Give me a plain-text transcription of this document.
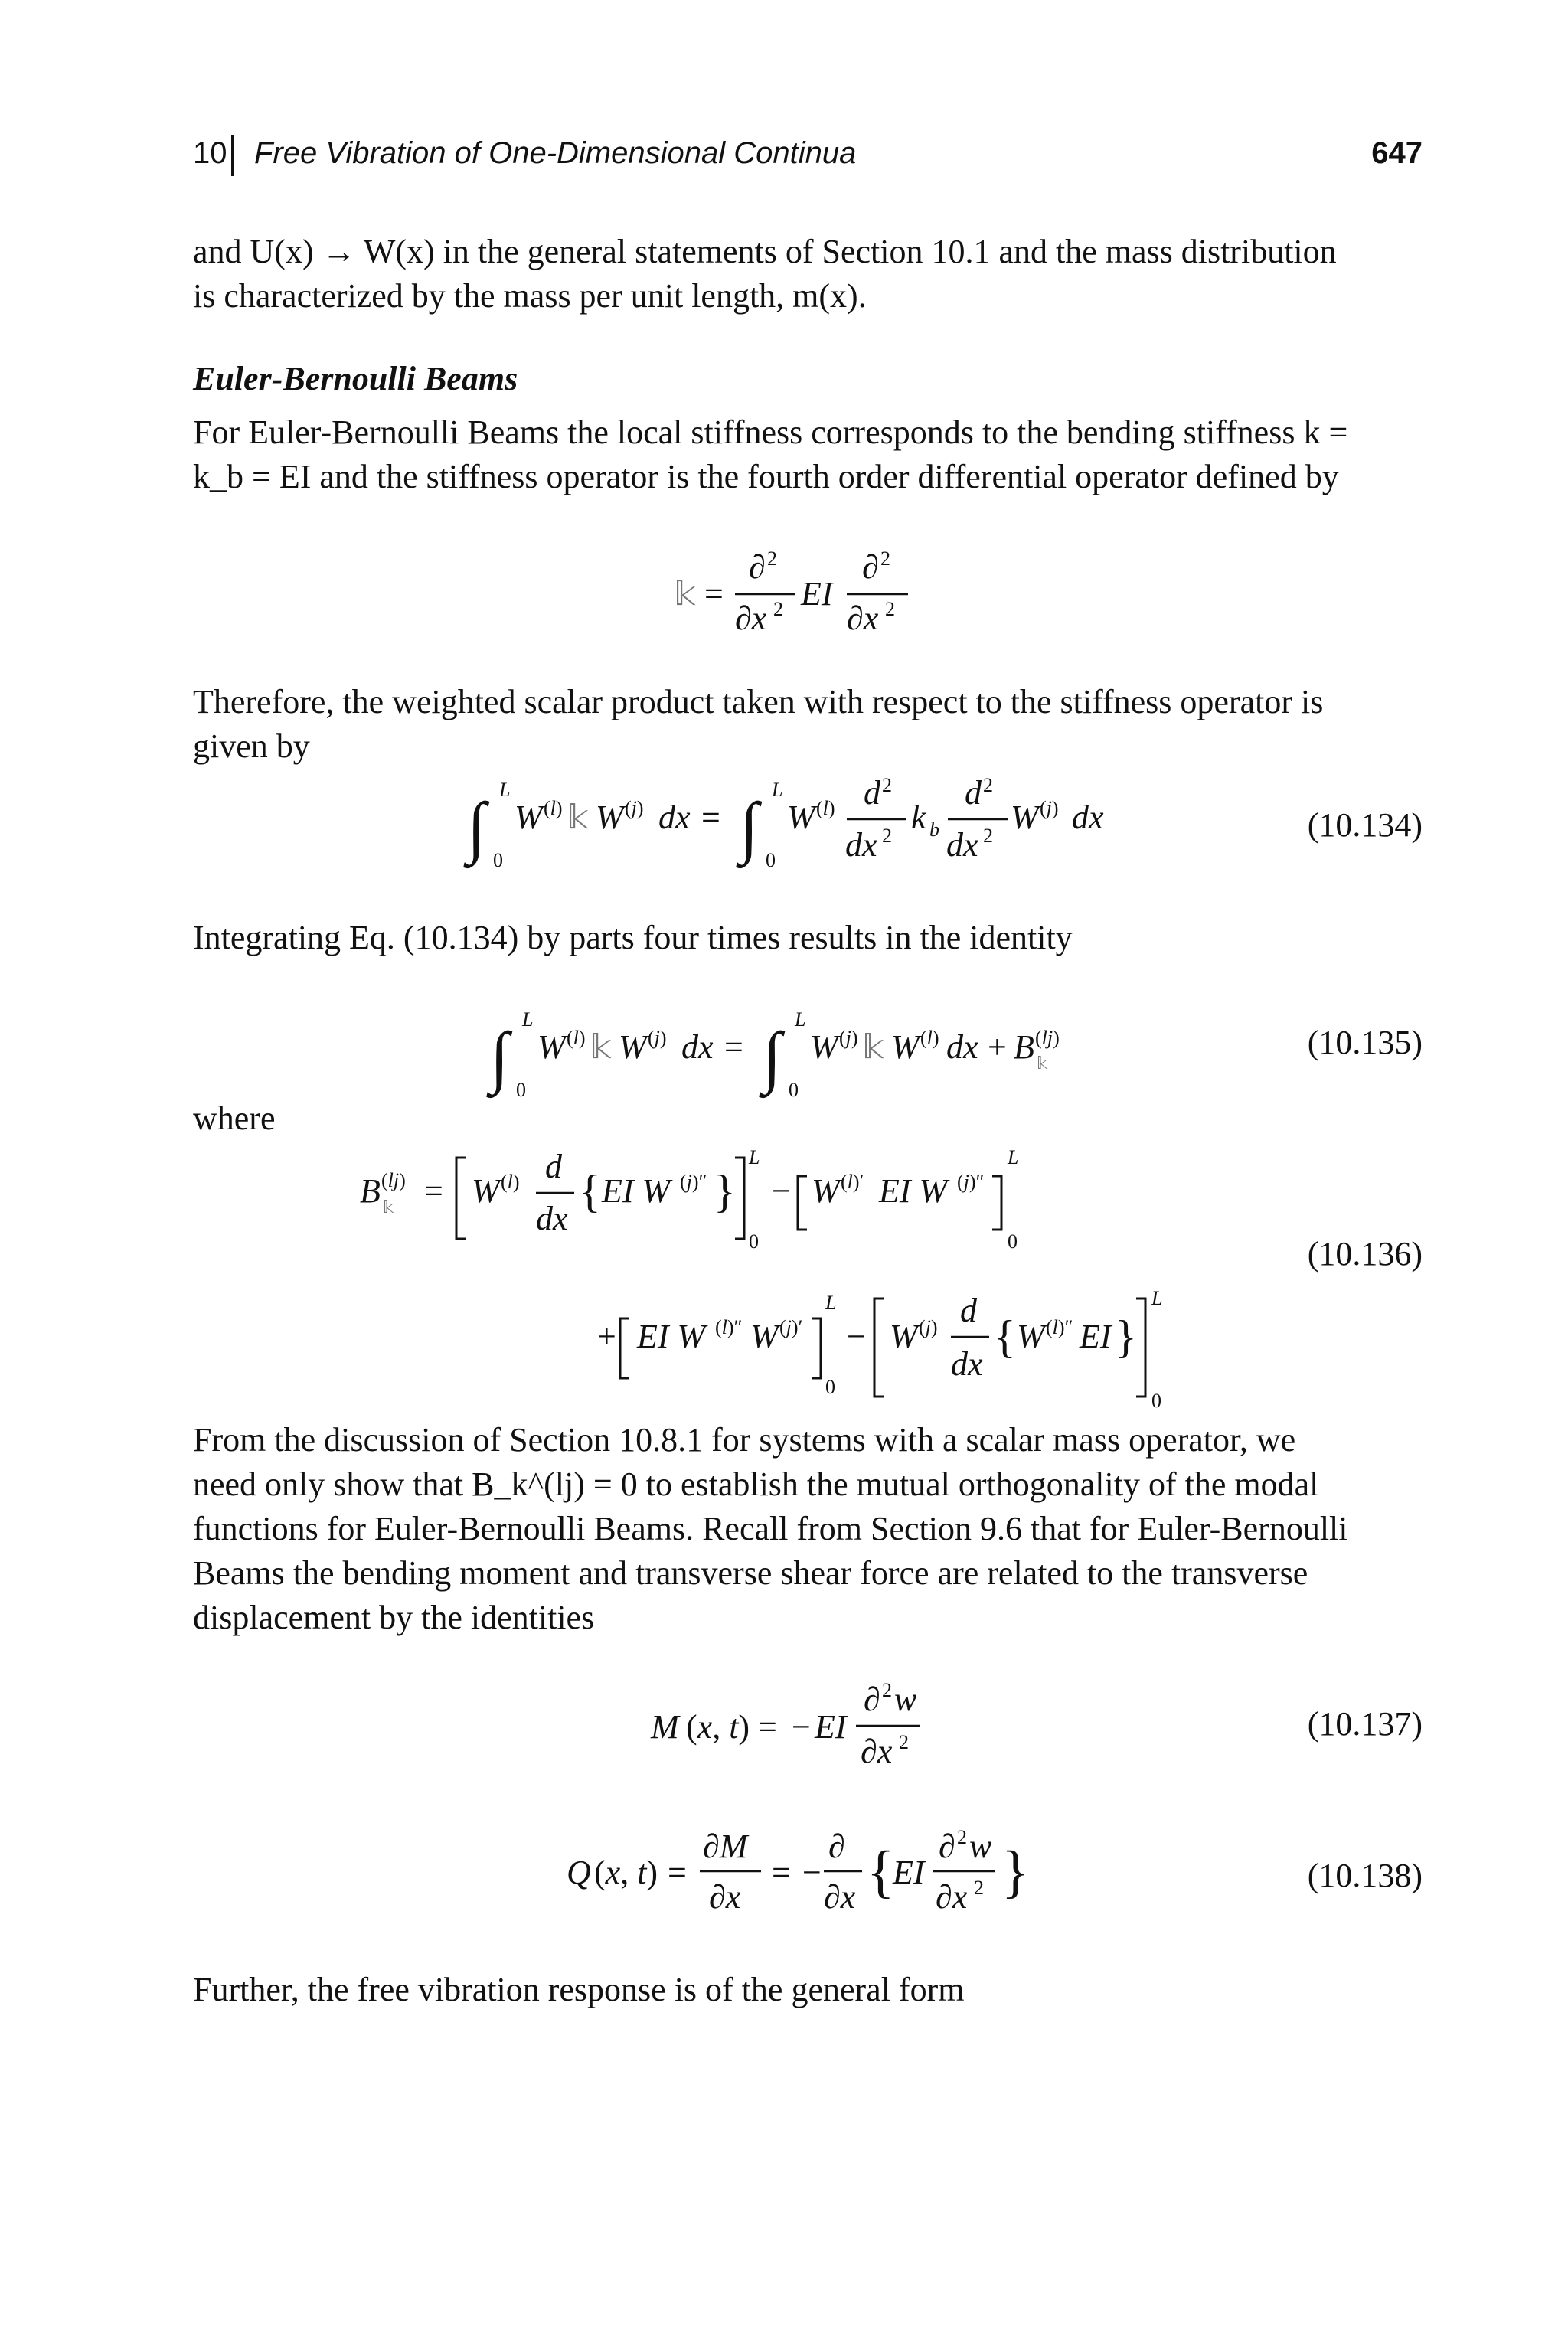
10 Free Vibration of One-Dimensional Continua	647

and U(x) → W(x) in the general statements of Section 10.1 and the mass distribution
is characterized by the mass per unit length, m(x).

Euler-Bernoulli Beams

For Euler-Bernoulli Beams the local stiffness corresponds to the bending stiffness k =
k_b = EI and the stiffness operator is the fourth order differential operator defined by

𝕜 =
∂ 2
∂x 2 EI
∂ 2
∂x 2

Therefore, the weighted scalar product taken with respect to the stiffness operator is
given by

∫ L
0
W (l) 𝕜 W (j) dx = ∫ L
0
W (l) d 2
dx 2 k b
d 2
dx 2 W (j) dx	(10.134)

Integrating Eq. (10.134) by parts four times results in the identity

∫ L
0
W (l) 𝕜 W (j) dx = ∫ L
0
W (j) 𝕜 W (l) dx + B (lj)
𝕜
(10.135)

where

B (lj)
𝕜 = W (l) d
dx
{ EI W (j)″ }
L
0
− W (l)′ EI W (j)″
L
0
+ EI W (l)″ W (j)′
L
0
− W (j) d
dx
{ W (l)″ EI }
L
0
(10.136)

From the discussion of Section 10.8.1 for systems with a scalar mass operator, we
need only show that B_k^(lj) = 0 to establish the mutual orthogonality of the modal
functions for Euler-Bernoulli Beams. Recall from Section 9.6 that for Euler-Bernoulli
Beams the bending moment and transverse shear force are related to the transverse
displacement by the identities

M (x, t) = − EI
∂ 2 w
∂x 2	(10.137)
Q (x, t) =
∂M
∂x
= −
∂
∂x {
EI
∂ 2 w
∂x 2 }	(10.138)

Further, the free vibration response is of the general form
